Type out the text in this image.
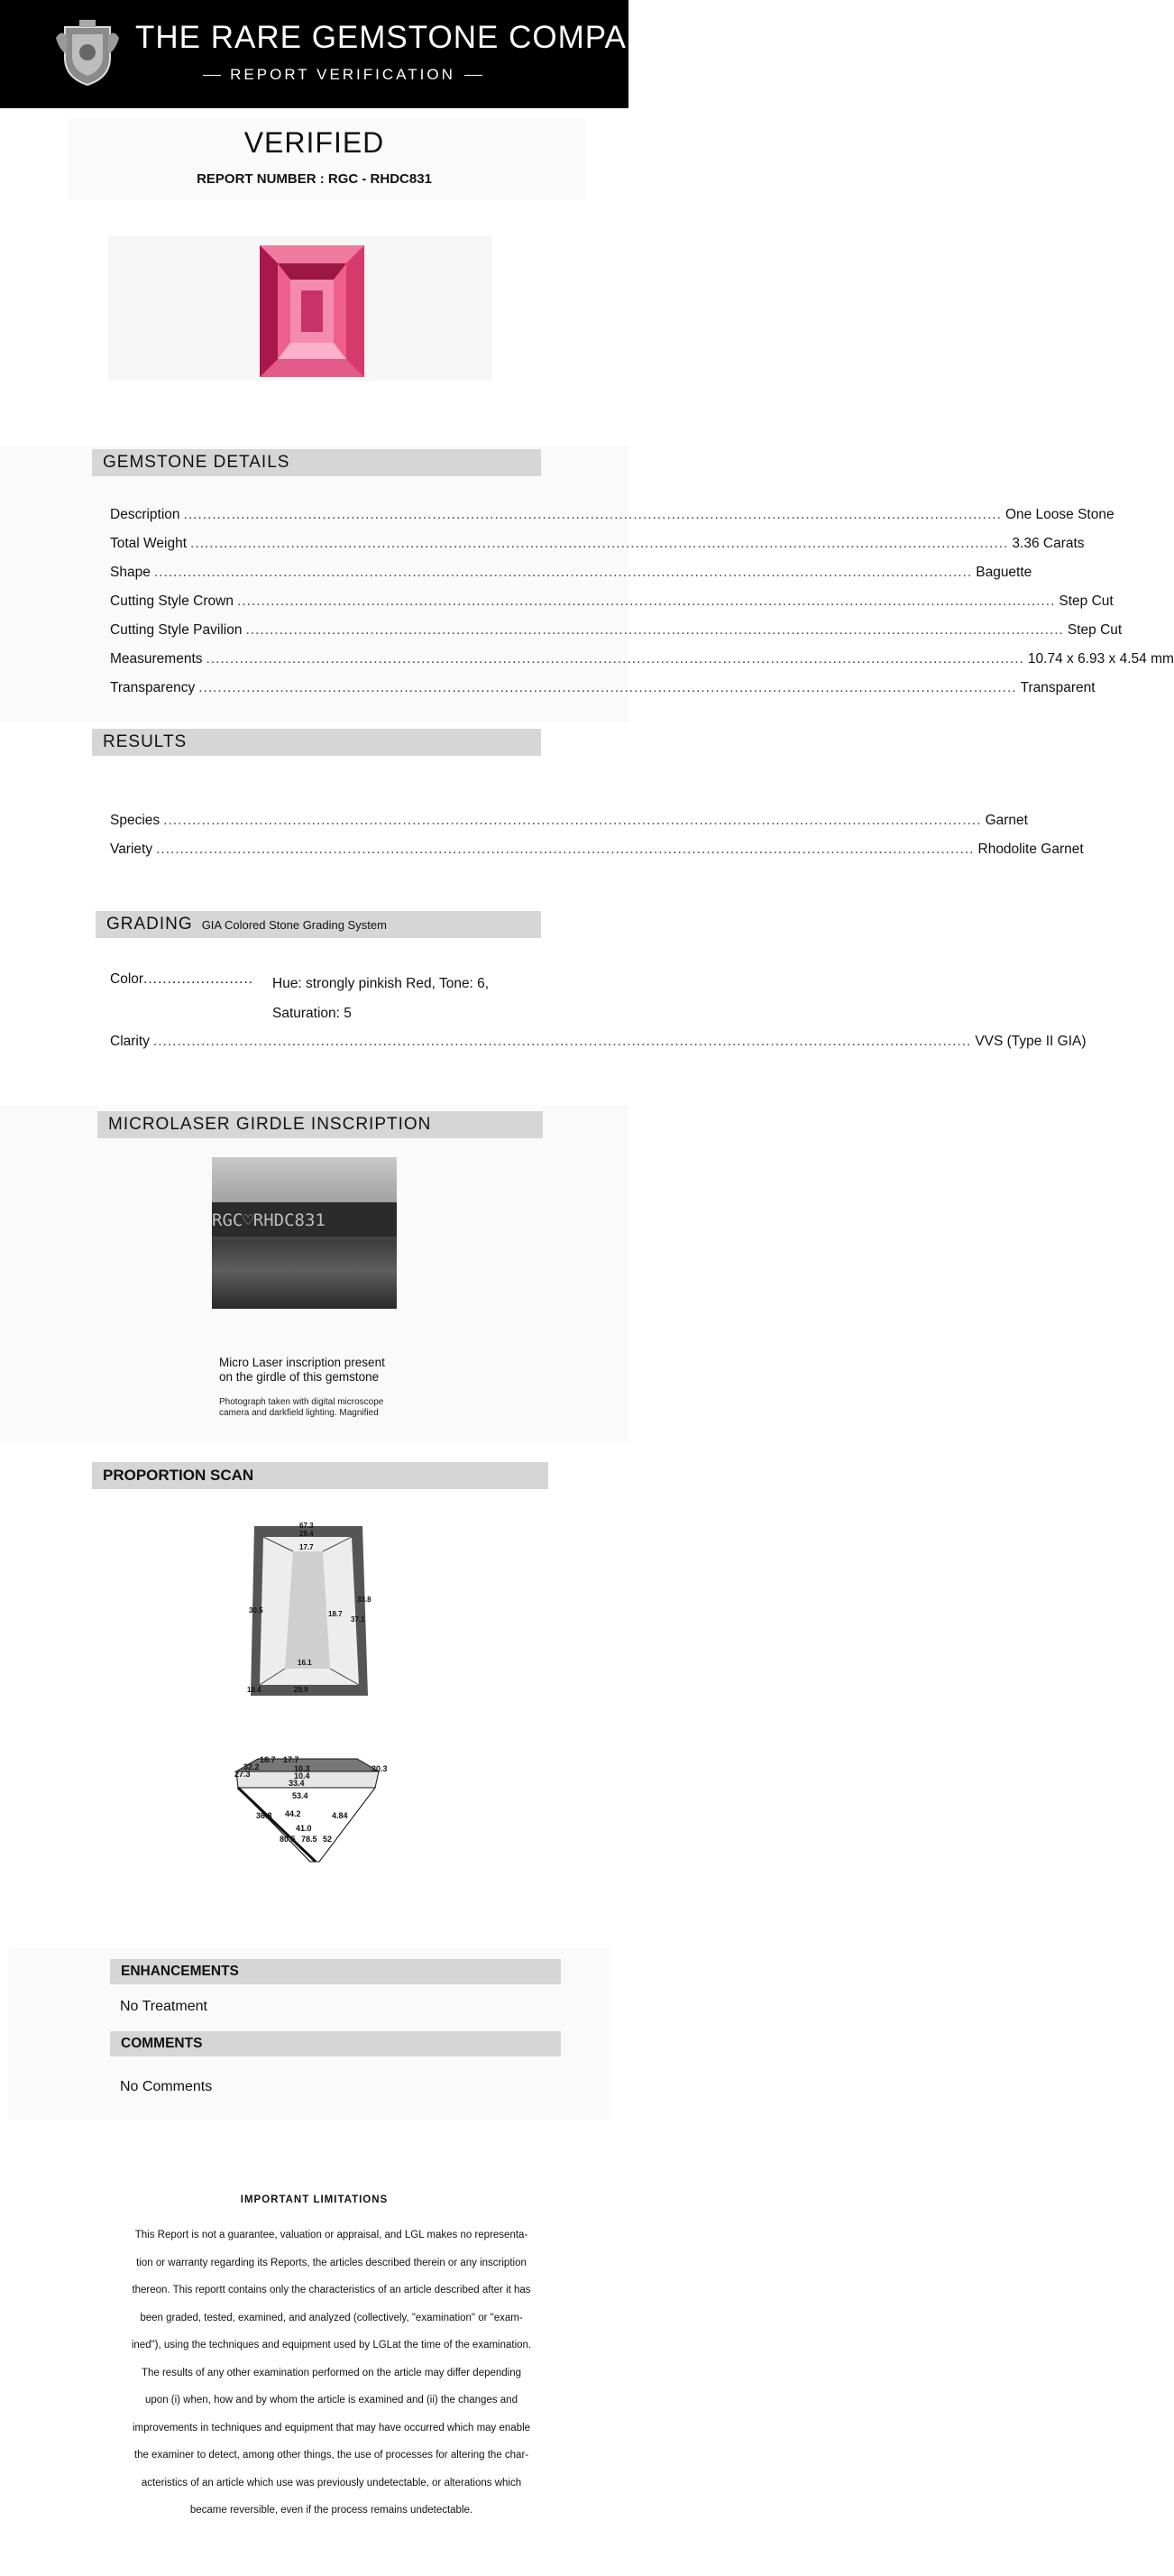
THE RARE GEMSTONE COMPANY ™
REPORT VERIFICATION
VERIFIED
REPORT NUMBER : RGC - RHDC831
GEMSTONE DETAILS
Description .....	One Loose Stone
Total Weight .....	3.36 Carats
Shape .....	Baguette
Cutting Style Crown .....	Step Cut
Cutting Style Pavilion .....	Step Cut
Measurements .....	10.74 x 6.93 x 4.54 mm
Transparency .....	Transparent
RESULTS
Species .....	Garnet
Variety .....	Rhodolite Garnet
GRADING GIA Colored Stone Grading System
Color....................... Hue: strongly pinkish Red, Tone: 6,
Saturation: 5
Clarity .....	VVS (Type II GIA)
MICROLASER GIRDLE INSCRIPTION
RGC♡RHDC831
Micro Laser inscription present
on the girdle of this gemstone
Photograph taken with digital microscope
camera and darkfield lighting. Magnified
PROPORTION SCAN
67.3
29.4
17.7
30.5	18.7
33.8
37.1
16.1
29.9
18.4
18.7 17.7
32.2
27.3
30.3
33.4
10.3
10.4
53.4
36.8 44.2	4.84
41.0
80.5 78.5 52
ENHANCEMENTS
No Treatment
COMMENTS
No Comments
IMPORTANT LIMITATIONS
This Report is not a guarantee, valuation or appraisal, and LGL makes no representa-
tion or warranty regarding its Reports, the articles described therein or any inscription
thereon. This reportt contains only the characteristics of an article described after it has
been graded, tested, examined, and analyzed (collectively, "examination" or "exam-
ined"), using the techniques and equipment used by LGLat the time of the examination.
The results of any other examination performed on the article may differ depending
upon (i) when, how and by whom the article is examined and (ii) the changes and
improvements in techniques and equipment that may have occurred which may enable
the examiner to detect, among other things, the use of processes for altering the char-
acteristics of an article which use was previously undetectable, or alterations which
became reversible, even if the process remains undetectable.
